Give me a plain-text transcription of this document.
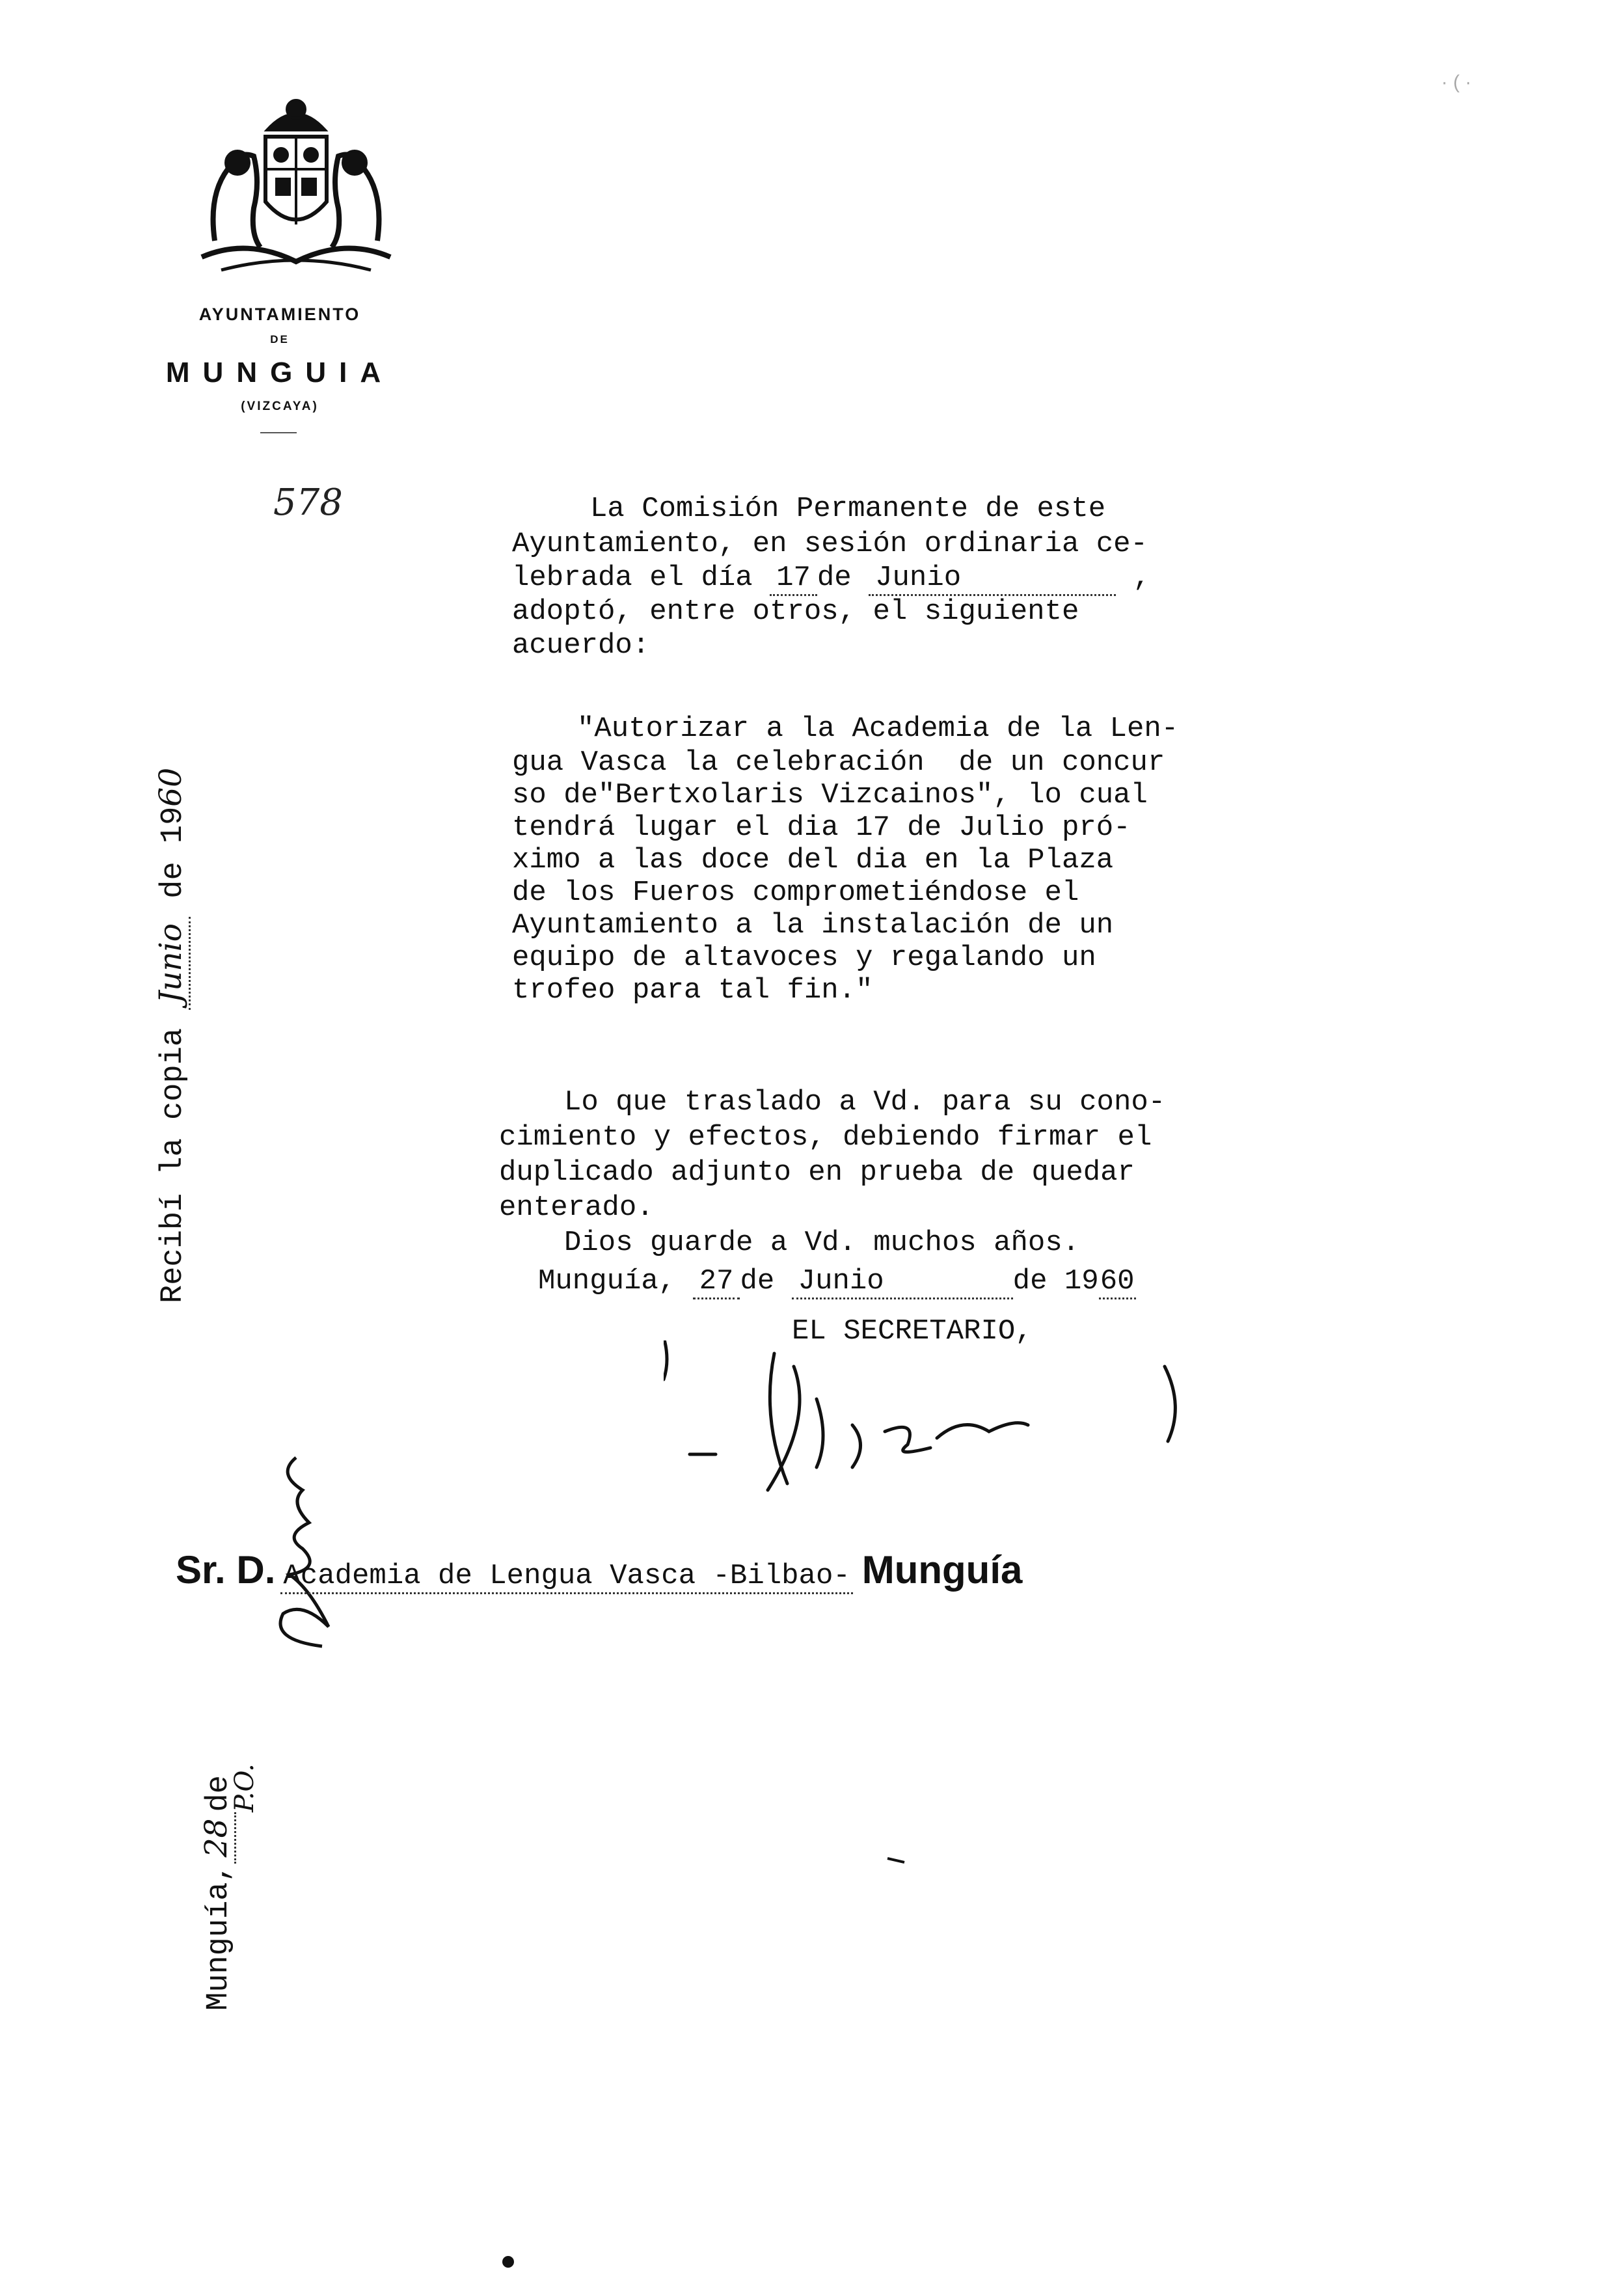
AYUNTAMIENTO
DE
MUNGUIA
(VIZCAYA)
· ( ·
578
Recibí la copia Junio de 1960
Munguía,28de
P.O.
La Comisión Permanente de este
Ayuntamiento, en sesión ordinaria ce-
lebrada el día 17 de Junio	,
adoptó, entre otros, el siguiente
acuerdo:
"Autorizar a la Academia de la Len-
gua Vasca la celebración  de un concur
so de"Bertxolaris Vizcainos", lo cual
tendrá lugar el dia 17 de Julio pró-
ximo a las doce del dia en la Plaza
de los Fueros comprometiéndose el
Ayuntamiento a la instalación de un
equipo de altavoces y regalando un
trofeo para tal fin."
Lo que traslado a Vd. para su cono-
cimiento y efectos, debiendo firmar el
duplicado adjunto en prueba de quedar
enterado.
Dios guarde a Vd. muchos años.
Munguía, 27 de Junio	de 1960
EL SECRETARIO,
Sr. D. Academia de Lengua Vasca -Bilbao- Munguía
